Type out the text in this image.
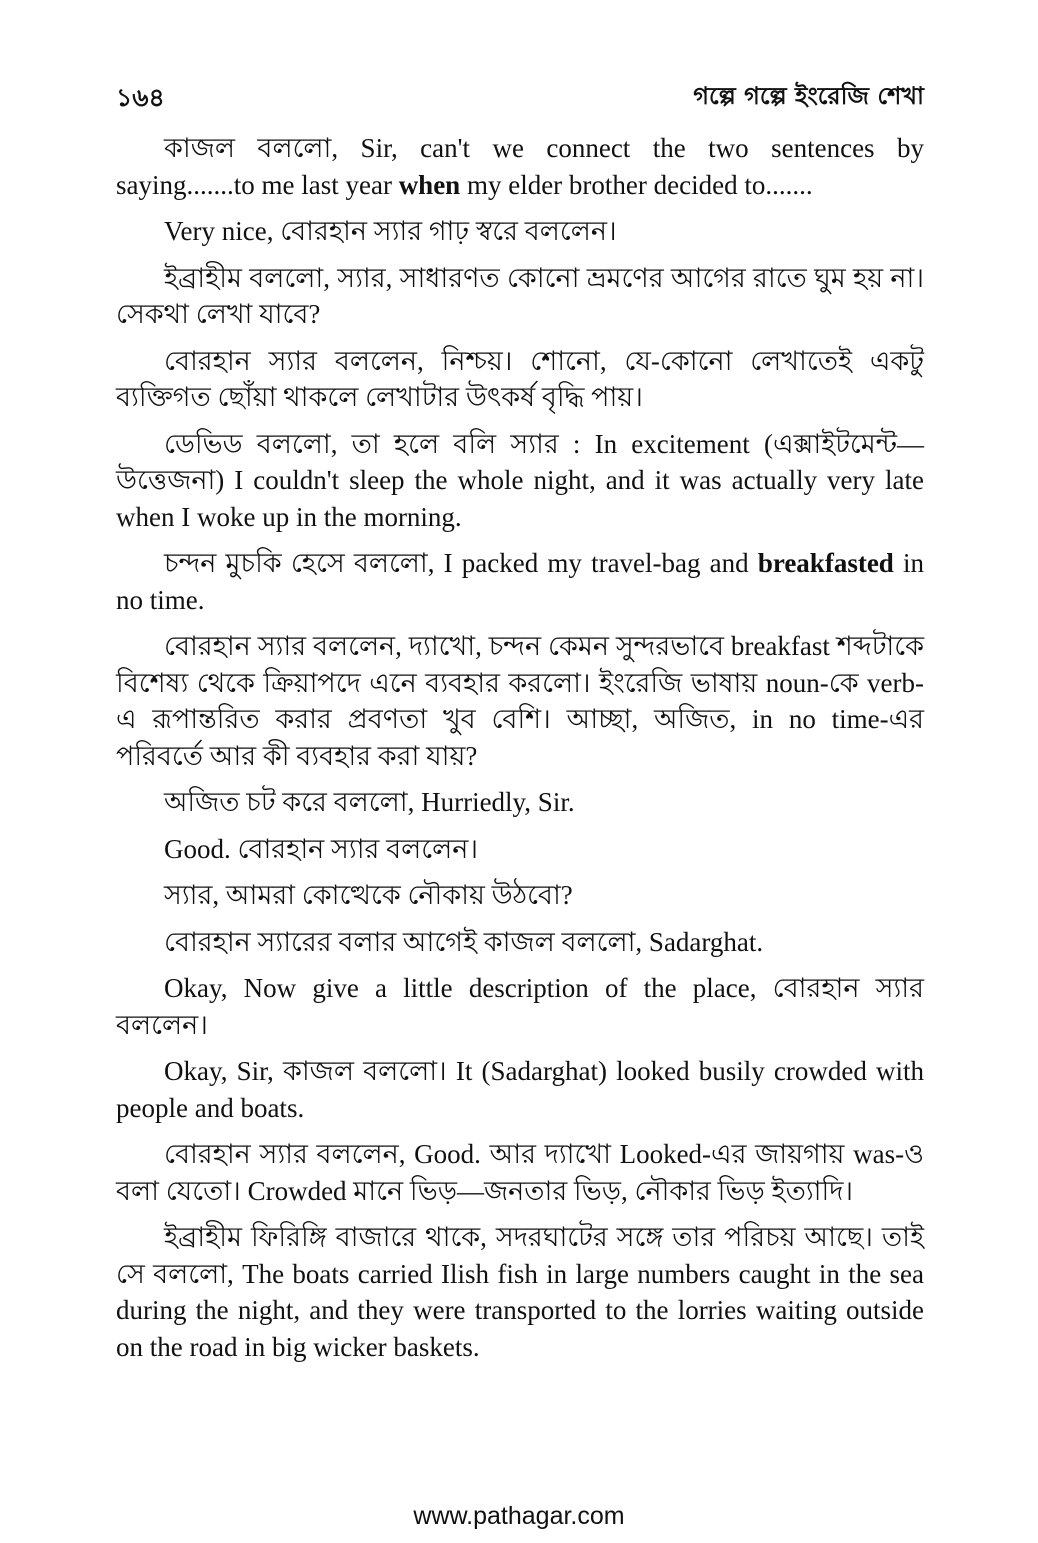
১৬৪	গল্পে গল্পে ইংরেজি শেখা

কাজল বললো, Sir, can't we connect the two sentences by saying.......to me last year when my elder brother decided to.......

Very nice, বোরহান স্যার গাঢ় স্বরে বললেন।

ইব্রাহীম বললো, স্যার, সাধারণত কোনো ভ্রমণের আগের রাতে ঘুম হয় না। সেকথা লেখা যাবে?

বোরহান স্যার বললেন, নিশ্চয়। শোনো, যে-কোনো লেখাতেই একটু ব্যক্তিগত ছোঁয়া থাকলে লেখাটার উৎকর্ষ বৃদ্ধি পায়।

ডেভিড বললো, তা হলে বলি স্যার : In excitement (এক্সাইটমেন্ট—উত্তেজনা) I couldn't sleep the whole night, and it was actually very late when I woke up in the morning.

চন্দন মুচকি হেসে বললো, I packed my travel-bag and breakfasted in no time.

বোরহান স্যার বললেন, দ্যাখো, চন্দন কেমন সুন্দরভাবে breakfast শব্দটাকে বিশেষ্য থেকে ক্রিয়াপদে এনে ব্যবহার করলো। ইংরেজি ভাষায় noun-কে verb-এ রূপান্তরিত করার প্রবণতা খুব বেশি। আচ্ছা, অজিত, in no time-এর পরিবর্তে আর কী ব্যবহার করা যায়?

অজিত চট করে বললো, Hurriedly, Sir.

Good. বোরহান স্যার বললেন।

স্যার, আমরা কোত্থেকে নৌকায় উঠবো?

বোরহান স্যারের বলার আগেই কাজল বললো, Sadarghat.

Okay, Now give a little description of the place, বোরহান স্যার বললেন।

Okay, Sir, কাজল বললো। It (Sadarghat) looked busily crowded with people and boats.

বোরহান স্যার বললেন, Good. আর দ্যাখো Looked-এর জায়গায় was-ও বলা যেতো। Crowded মানে ভিড়—জনতার ভিড়, নৌকার ভিড় ইত্যাদি।

ইব্রাহীম ফিরিঙ্গি বাজারে থাকে, সদরঘাটের সঙ্গে তার পরিচয় আছে। তাই সে বললো, The boats carried Ilish fish in large numbers caught in the sea during the night, and they were transported to the lorries waiting outside on the road in big wicker baskets.

www.pathagar.com
